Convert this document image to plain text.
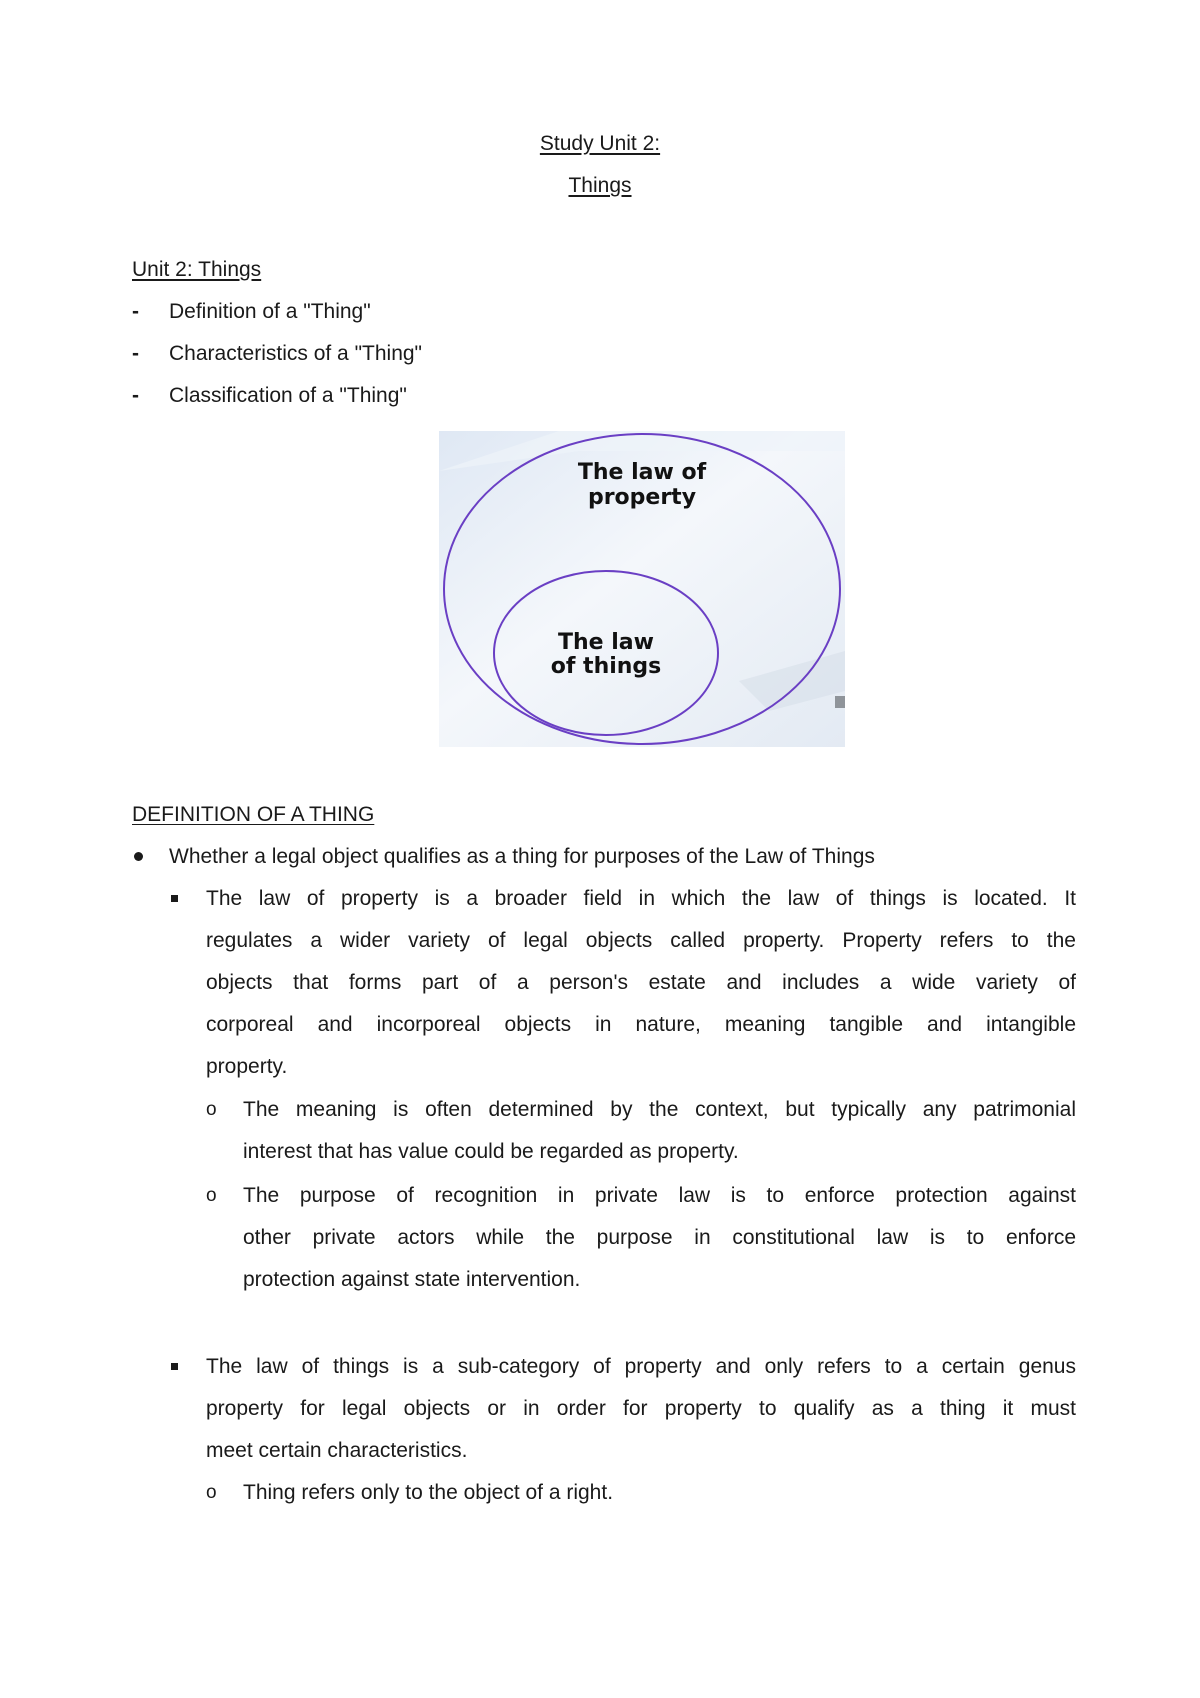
Study Unit 2:
Things
Unit 2: Things
-	Definition of a "Thing"
-	Characteristics of a "Thing"
-	Classification of a "Thing"
The law of
property
The law
of things
DEFINITION OF A THING
Whether a legal object qualifies as a thing for purposes of the Law of Things
The law of property is a broader field in which the law of things is located. It
regulates a wider variety of legal objects called property. Property refers to the
objects that forms part of a person's estate and includes a wide variety of
corporeal and incorporeal objects in nature, meaning tangible and intangible
property.
o The meaning is often determined by the context, but typically any patrimonial
interest that has value could be regarded as property.
o The purpose of recognition in private law is to enforce protection against
other private actors while the purpose in constitutional law is to enforce
protection against state intervention.
The law of things is a sub-category of property and only refers to a certain genus
property for legal objects or in order for property to qualify as a thing it must
meet certain characteristics.
o Thing refers only to the object of a right.
